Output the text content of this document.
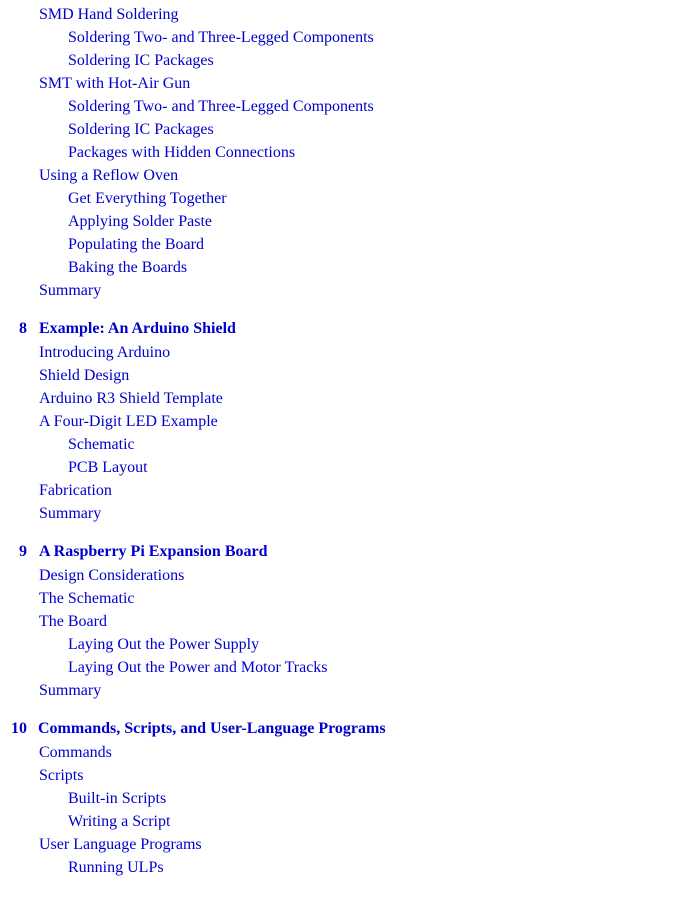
SMD Hand Soldering
Soldering Two- and Three-Legged Components
Soldering IC Packages
SMT with Hot-Air Gun
Soldering Two- and Three-Legged Components
Soldering IC Packages
Packages with Hidden Connections
Using a Reflow Oven
Get Everything Together
Applying Solder Paste
Populating the Board
Baking the Boards
Summary
8 Example: An Arduino Shield
Introducing Arduino
Shield Design
Arduino R3 Shield Template
A Four-Digit LED Example
Schematic
PCB Layout
Fabrication
Summary
9 A Raspberry Pi Expansion Board
Design Considerations
The Schematic
The Board
Laying Out the Power Supply
Laying Out the Power and Motor Tracks
Summary
10 Commands, Scripts, and User-Language Programs
Commands
Scripts
Built-in Scripts
Writing a Script
User Language Programs
Running ULPs
